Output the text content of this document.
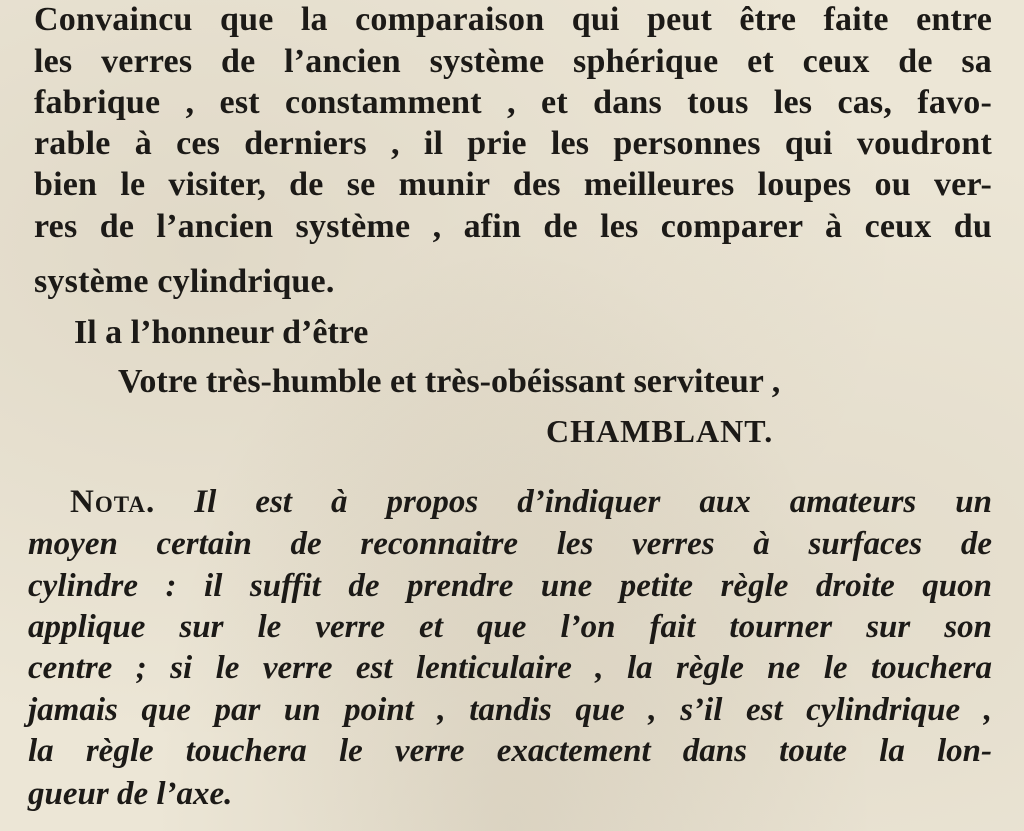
Convaincu que la comparaison qui peut être faite entre
les verres de l’ancien système sphérique et ceux de sa
fabrique , est constamment , et dans tous les cas, favo-
rable à ces derniers , il prie les personnes qui voudront
bien le visiter, de se munir des meilleures loupes ou ver-
res de l’ancien système , afin de les comparer à ceux du
système cylindrique.
Il a l’honneur d’être
Votre très-humble et très-obéissant serviteur ,
CHAMBLANT.
Nota. Il est à propos d’indiquer aux amateurs un
moyen certain de reconnaitre les verres à surfaces de
cylindre : il suffit de prendre une petite règle droite quon
applique sur le verre et que l’on fait tourner sur son
centre ; si le verre est lenticulaire , la règle ne le touchera
jamais que par un point , tandis que , s’il est cylindrique ,
la règle touchera le verre exactement dans toute la lon-
gueur de l’axe.
